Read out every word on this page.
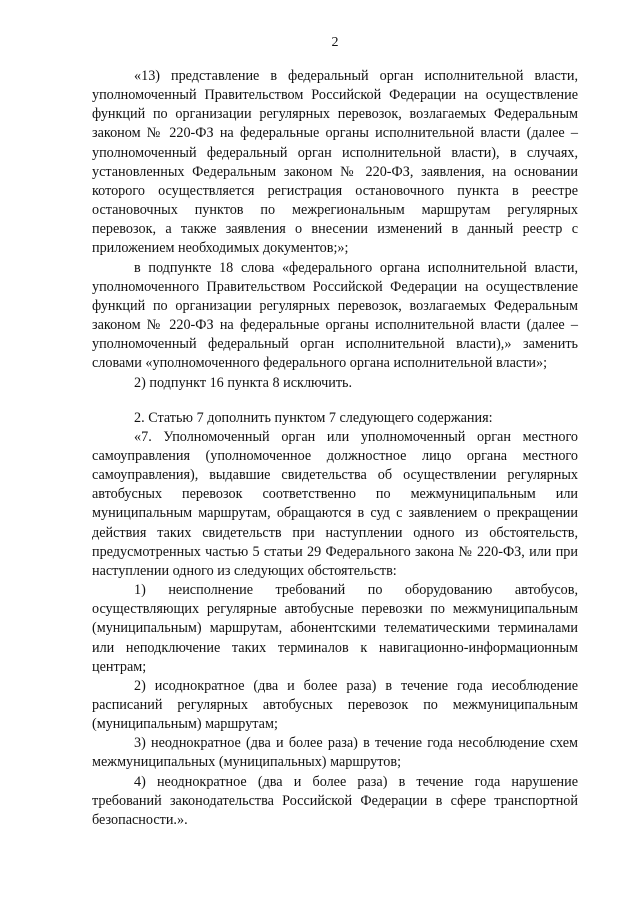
2

«13) представление в федеральный орган исполнительной власти, уполномоченный Правительством Российской Федерации на осуществление функций по организации регулярных перевозок, возлагаемых Федеральным законом № 220-ФЗ на федеральные органы исполнительной власти (далее – уполномоченный федеральный орган исполнительной власти), в случаях, установленных Федеральным законом № 220-ФЗ, заявления, на основании которого осуществляется регистрация остановочного пункта в реестре остановочных пунктов по межрегиональным маршрутам регулярных перевозок, а также заявления о внесении изменений в данный реестр с приложением необходимых документов;»;

в подпункте 18 слова «федерального органа исполнительной власти, уполномоченного Правительством Российской Федерации на осуществление функций по организации регулярных перевозок, возлагаемых Федеральным законом № 220-ФЗ на федеральные органы исполнительной власти (далее – уполномоченный федеральный орган исполнительной власти),» заменить словами «уполномоченного федерального органа исполнительной власти»;

2) подпункт 16 пункта 8 исключить.

2. Статью 7 дополнить пунктом 7 следующего содержания:

«7. Уполномоченный орган или уполномоченный орган местного самоуправления (уполномоченное должностное лицо органа местного самоуправления), выдавшие свидетельства об осуществлении регулярных автобусных перевозок соответственно по межмуниципальным или муниципальным маршрутам, обращаются в суд с заявлением о прекращении действия таких свидетельств при наступлении одного из обстоятельств, предусмотренных частью 5 статьи 29 Федерального закона № 220-ФЗ, или при наступлении одного из следующих обстоятельств:

1) неисполнение требований по оборудованию автобусов, осуществляющих регулярные автобусные перевозки по межмуниципальным (муниципальным) маршрутам, абонентскими телематическими терминалами или неподключение таких терминалов к навигационно-информационным центрам;

2) исоднократное (два и более раза) в течение года иесоблюдение расписаний регулярных автобусных перевозок по межмуниципальным (муниципальным) маршрутам;

3) неоднократное (два и более раза) в течение года несоблюдение схем межмуниципальных (муниципальных) маршрутов;

4) неоднократное (два и более раза) в течение года нарушение требований законодательства Российской Федерации в сфере транспортной безопасности.».
